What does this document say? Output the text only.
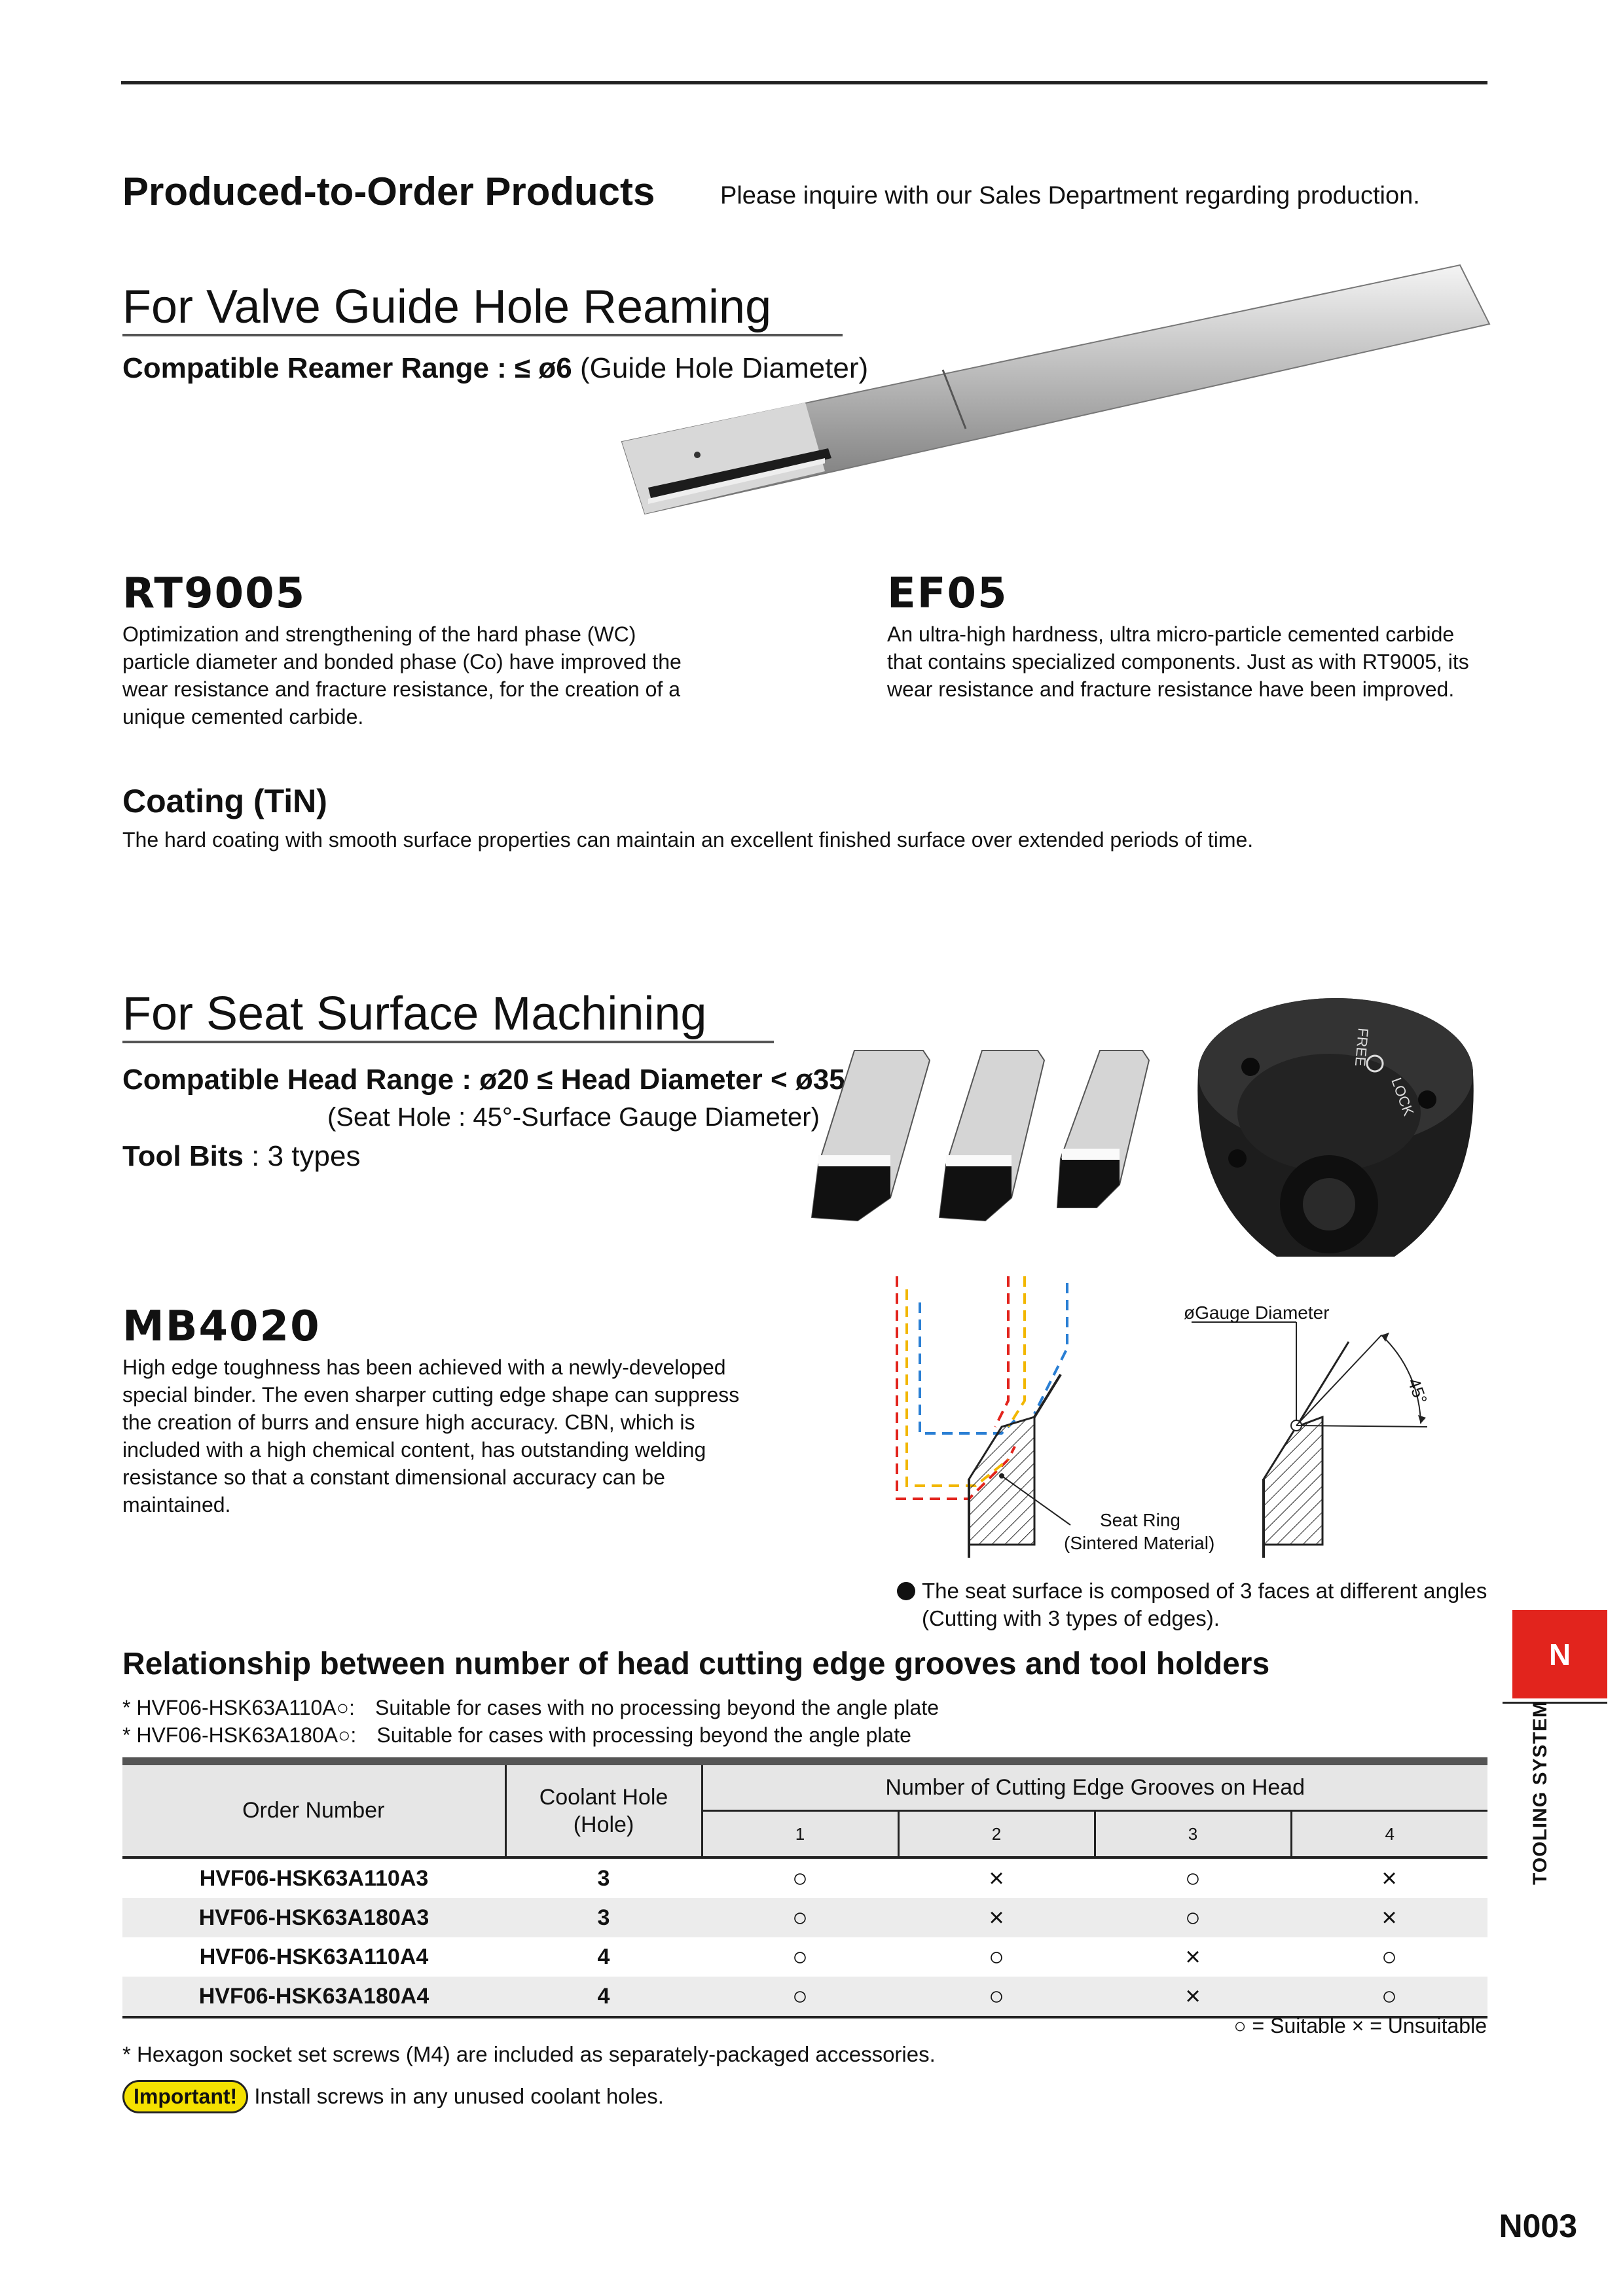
Produced-to-Order Products	Please inquire with our Sales Department regarding production.
For Valve Guide Hole Reaming
Compatible Reamer Range : ≤ ø6 (Guide Hole Diameter)
RT9005
Optimization and strengthening of the hard phase (WC)
particle diameter and bonded phase (Co) have improved the
wear resistance and fracture resistance, for the creation of a
unique cemented carbide.
EF05
An ultra-high hardness, ultra micro-particle cemented carbide
that contains specialized components. Just as with RT9005, its
wear resistance and fracture resistance have been improved.
Coating (TiN)
The hard coating with smooth surface properties can maintain an excellent finished surface over extended periods of time.
For Seat Surface Machining
Compatible Head Range : ø20 ≤ Head Diameter < ø35
(Seat Hole : 45°-Surface Gauge Diameter)
Tool Bits : 3 types
FREE
LOCK
MB4020
High edge toughness has been achieved with a newly-developed
special binder. The even sharper cutting edge shape can suppress
the creation of burrs and ensure high accuracy. CBN, which is
included with a high chemical content, has outstanding welding
resistance so that a constant dimensional accuracy can be
maintained.
øGauge Diameter
45°
Seat Ring
(Sintered Material)
The seat surface is composed of 3 faces at different angles
(Cutting with 3 types of edges).
Relationship between number of head cutting edge grooves and tool holders
* HVF06-HSK63A110A○: Suitable for cases with no processing beyond the angle plate
* HVF06-HSK63A180A○: Suitable for cases with processing beyond the angle plate

Order Number	Coolant Hole
(Hole)	Number of Cutting Edge Grooves on Head			
		1	2	3	4
HVF06-HSK63A110A3	3	○	×	○	×
HVF06-HSK63A180A3	3	○	×	○	×
HVF06-HSK63A110A4	4	○	○	×	○
HVF06-HSK63A180A4	4	○	○	×	○
○ = Suitable × = Unsuitable
* Hexagon socket set screws (M4) are included as separately-packaged accessories.
Important! Install screws in any unused coolant holes.
N
TOOLING SYSTEM
N003
